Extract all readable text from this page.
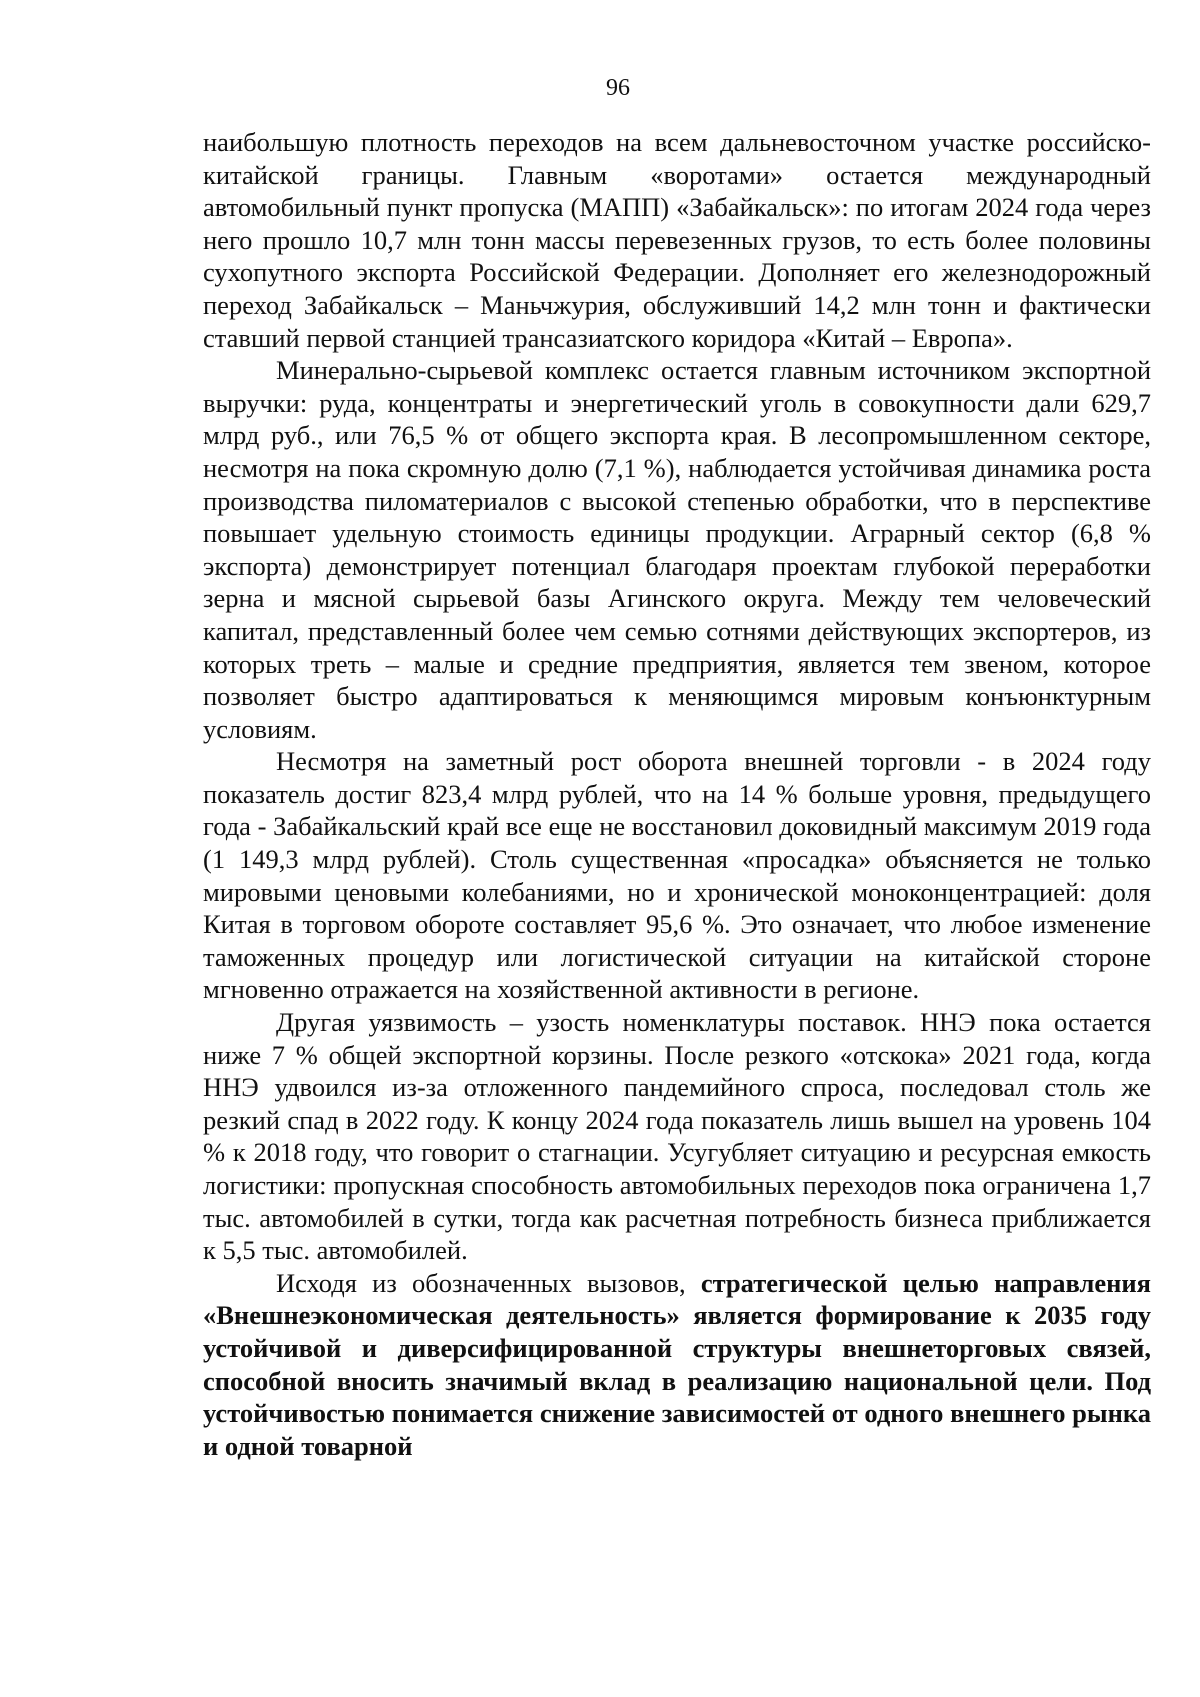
96

наибольшую плотность переходов на всем дальневосточном участке российско-китайской границы. Главным «воротами» остается международный автомобильный пункт пропуска (МАПП) «Забайкальск»: по итогам 2024 года через него прошло 10,7 млн тонн массы перевезенных грузов, то есть более половины сухопутного экспорта Российской Федерации. Дополняет его железнодорожный переход Забайкальск – Маньчжурия, обслуживший 14,2 млн тонн и фактически ставший первой станцией трансазиатского коридора «Китай – Европа».

Минерально-сырьевой комплекс остается главным источником экспортной выручки: руда, концентраты и энергетический уголь в совокупности дали 629,7 млрд руб., или 76,5 % от общего экспорта края. В лесопромышленном секторе, несмотря на пока скромную долю (7,1 %), наблюдается устойчивая динамика роста производства пиломатериалов с высокой степенью обработки, что в перспективе повышает удельную стоимость единицы продукции. Аграрный сектор (6,8 % экспорта) демонстрирует потенциал благодаря проектам глубокой переработки зерна и мясной сырьевой базы Агинского округа. Между тем человеческий капитал, представленный более чем семью сотнями действующих экспортеров, из которых треть – малые и средние предприятия, является тем звеном, которое позволяет быстро адаптироваться к меняющимся мировым конъюнктурным условиям.

Несмотря на заметный рост оборота внешней торговли - в 2024 году показатель достиг 823,4 млрд рублей, что на 14 % больше уровня, предыдущего года - Забайкальский край все еще не восстановил доковидный максимум 2019 года (1 149,3 млрд рублей). Столь существенная «просадка» объясняется не только мировыми ценовыми колебаниями, но и хронической моноконцентрацией: доля Китая в торговом обороте составляет 95,6 %. Это означает, что любое изменение таможенных процедур или логистической ситуации на китайской стороне мгновенно отражается на хозяйственной активности в регионе.

Другая уязвимость – узость номенклатуры поставок. ННЭ пока остается ниже 7 % общей экспортной корзины. После резкого «отскока» 2021 года, когда ННЭ удвоился из-за отложенного пандемийного спроса, последовал столь же резкий спад в 2022 году. К концу 2024 года показатель лишь вышел на уровень 104 % к 2018 году, что говорит о стагнации. Усугубляет ситуацию и ресурсная емкость логистики: пропускная способность автомобильных переходов пока ограничена 1,7 тыс. автомобилей в сутки, тогда как расчетная потребность бизнеса приближается к 5,5 тыс. автомобилей.

Исходя из обозначенных вызовов, стратегической целью направления «Внешнеэкономическая деятельность» является формирование к 2035 году устойчивой и диверсифицированной структуры внешнеторговых связей, способной вносить значимый вклад в реализацию национальной цели. Под устойчивостью понимается снижение зависимостей от одного внешнего рынка и одной товарной
